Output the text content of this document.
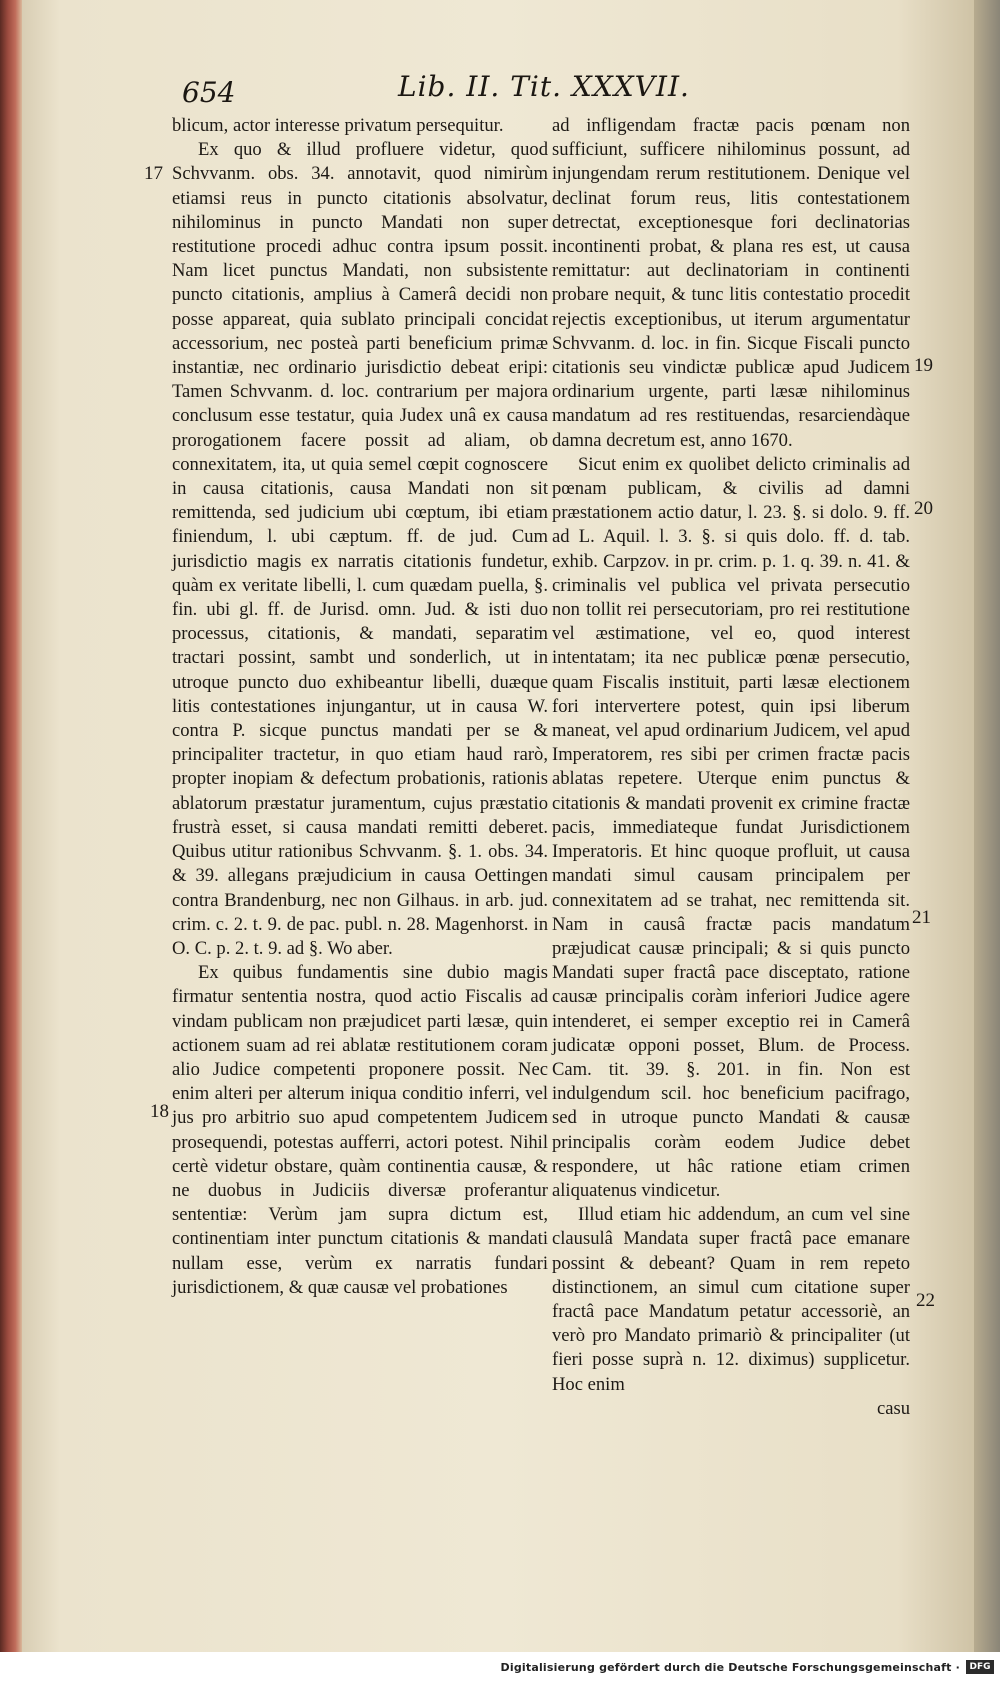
654	Lib. II. Tit. XXXVII.
17
18
19
20
21
22

blicum, actor interesse privatum persequitur.

Ex quo & illud profluere videtur, quod Schvvanm. obs. 34. annotavit, quod nimirùm etiamsi reus in puncto citationis absolvatur, nihilominus in puncto Mandati non super restitutione procedi adhuc contra ipsum possit. Nam licet punctus Mandati, non subsistente puncto citationis, amplius à Camerâ decidi non posse appareat, quia sublato principali concidat accessorium, nec posteà parti beneficium primæ instantiæ, nec ordinario jurisdictio debeat eripi: Tamen Schvvanm. d. loc. contrarium per majora conclusum esse testatur, quia Judex unâ ex causa prorogationem facere possit ad aliam, ob connexitatem, ita, ut quia semel cœpit cognoscere in causa citationis, causa Mandati non sit remittenda, sed judicium ubi cœptum, ibi etiam finiendum, l. ubi cæptum. ff. de jud. Cum jurisdictio magis ex narratis citationis fundetur, quàm ex veritate libelli, l. cum quædam puella, §. fin. ubi gl. ff. de Jurisd. omn. Jud. & isti duo processus, citationis, & mandati, separatim tractari possint, sambt und sonderlich, ut in utroque puncto duo exhibeantur libelli, duæque litis contestationes injungantur, ut in causa W. contra P. sicque punctus mandati per se & principaliter tractetur, in quo etiam haud rarò, propter inopiam & defectum probationis, rationis ablatorum præstatur juramentum, cujus præstatio frustrà esset, si causa mandati remitti deberet. Quibus utitur rationibus Schvvanm. §. 1. obs. 34. & 39. allegans præjudicium in causa Oettingen contra Brandenburg, nec non Gilhaus. in arb. jud. crim. c. 2. t. 9. de pac. publ. n. 28. Magenhorst. in O. C. p. 2. t. 9. ad §. Wo aber.

Ex quibus fundamentis sine dubio magis firmatur sententia nostra, quod actio Fiscalis ad vindam publicam non præjudicet parti læsæ, quin actionem suam ad rei ablatæ restitutionem coram alio Judice competenti proponere possit. Nec enim alteri per alterum iniqua conditio inferri, vel jus pro arbitrio suo apud competentem Judicem prosequendi, potestas aufferri, actori potest. Nihil certè videtur obstare, quàm continentia causæ, & ne duobus in Judiciis diversæ proferantur sententiæ: Verùm jam supra dictum est, continentiam inter punctum citationis & mandati nullam esse, verùm ex narratis fundari jurisdictionem, & quæ causæ vel probationes

ad infligendam fractæ pacis pœnam non sufficiunt, sufficere nihilominus possunt, ad injungendam rerum restitutionem. Denique vel declinat forum reus, litis contestationem detrectat, exceptionesque fori declinatorias incontinenti probat, & plana res est, ut causa remittatur: aut declinatoriam in continenti probare nequit, & tunc litis contestatio procedit rejectis exceptionibus, ut iterum argumentatur Schvvanm. d. loc. in fin. Sicque Fiscali puncto citationis seu vindictæ publicæ apud Judicem ordinarium urgente, parti læsæ nihilominus mandatum ad res restituendas, resarciendàque damna decretum est, anno 1670.

Sicut enim ex quolibet delicto criminalis ad pœnam publicam, & civilis ad damni præstationem actio datur, l. 23. §. si dolo. 9. ff. ad L. Aquil. l. 3. §. si quis dolo. ff. d. tab. exhib. Carpzov. in pr. crim. p. 1. q. 39. n. 41. & criminalis vel publica vel privata persecutio non tollit rei persecutoriam, pro rei restitutione vel æstimatione, vel eo, quod interest intentatam; ita nec publicæ pœnæ persecutio, quam Fiscalis instituit, parti læsæ electionem fori intervertere potest, quin ipsi liberum maneat, vel apud ordinarium Judicem, vel apud Imperatorem, res sibi per crimen fractæ pacis ablatas repetere. Uterque enim punctus & citationis & mandati provenit ex crimine fractæ pacis, immediateque fundat Jurisdictionem Imperatoris. Et hinc quoque profluit, ut causa mandati simul causam principalem per connexitatem ad se trahat, nec remittenda sit. Nam in causâ fractæ pacis mandatum præjudicat causæ principali; & si quis puncto Mandati super fractâ pace disceptato, ratione causæ principalis coràm inferiori Judice agere intenderet, ei semper exceptio rei in Camerâ judicatæ opponi posset, Blum. de Process. Cam. tit. 39. §. 201. in fin. Non est indulgendum scil. hoc beneficium pacifrago, sed in utroque puncto Mandati & causæ principalis coràm eodem Judice debet respondere, ut hâc ratione etiam crimen aliquatenus vindicetur.

Illud etiam hic addendum, an cum vel sine clausulâ Mandata super fractâ pace emanare possint & debeant? Quam in rem repeto distinctionem, an simul cum citatione super fractâ pace Mandatum petatur accessoriè, an verò pro Mandato primariò & principaliter (ut fieri posse suprà n. 12. diximus) supplicetur. Hoc enim

casu

Digitalisierung gefördert durch die Deutsche Forschungsgemeinschaft ·	DFG
